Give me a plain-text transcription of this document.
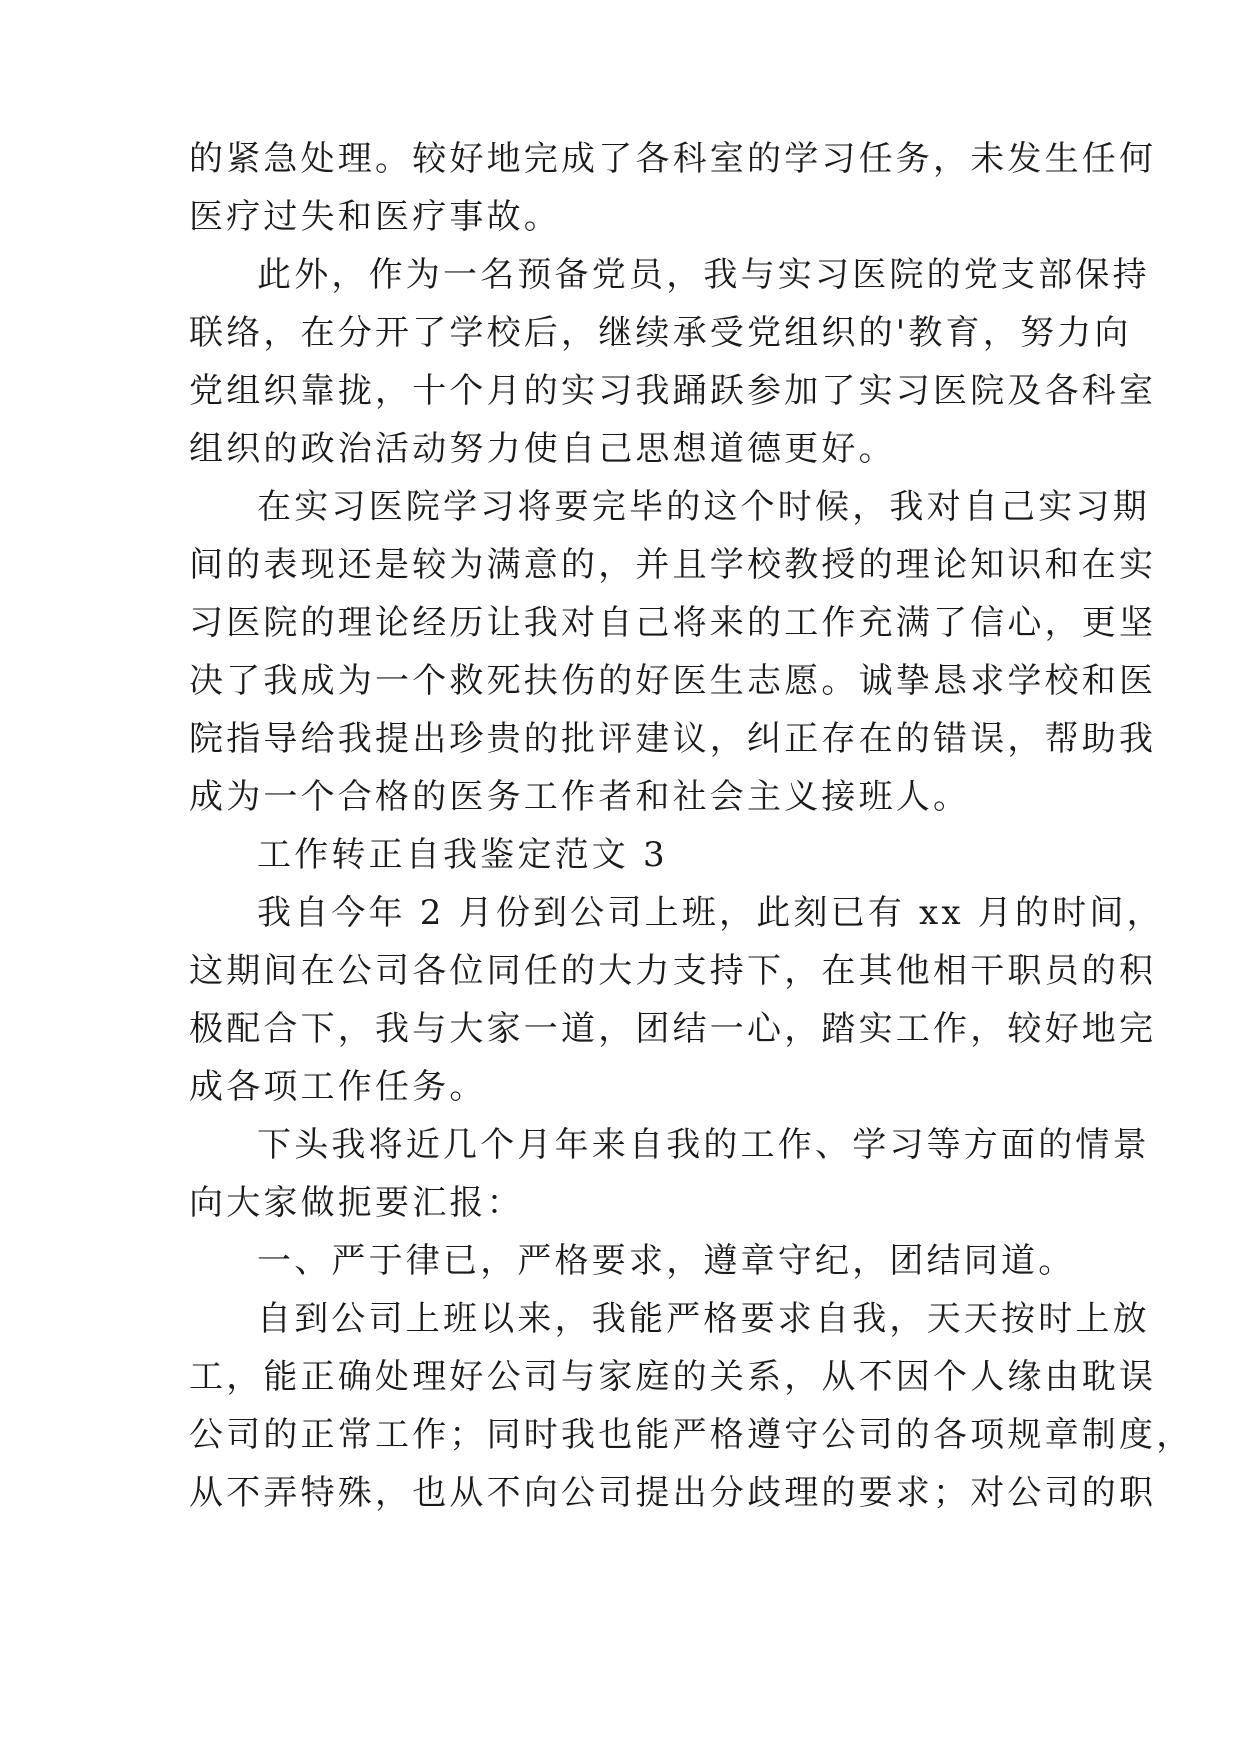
的紧急处理。较好地完成了各科室的学习任务，未发生任何
医疗过失和医疗事故。
此外，作为一名预备党员，我与实习医院的党支部保持
联络，在分开了学校后，继续承受党组织的'教育，努力向
党组织靠拢，十个月的实习我踊跃参加了实习医院及各科室
组织的政治活动努力使自己思想道德更好。
在实习医院学习将要完毕的这个时候，我对自己实习期
间的表现还是较为满意的，并且学校教授的理论知识和在实
习医院的理论经历让我对自己将来的工作充满了信心，更坚
决了我成为一个救死扶伤的好医生志愿。诚挚恳求学校和医
院指导给我提出珍贵的批评建议，纠正存在的错误，帮助我
成为一个合格的医务工作者和社会主义接班人。
工作转正自我鉴定范文 3
我自今年 2 月份到公司上班，此刻已有 xx 月的时间，
这期间在公司各位同任的大力支持下，在其他相干职员的积
极配合下，我与大家一道，团结一心，踏实工作，较好地完
成各项工作任务。
下头我将近几个月年来自我的工作、学习等方面的情景
向大家做扼要汇报：
一、严于律已，严格要求，遵章守纪，团结同道。
自到公司上班以来，我能严格要求自我，天天按时上放
工，能正确处理好公司与家庭的关系，从不因个人缘由耽误
公司的正常工作；同时我也能严格遵守公司的各项规章制度，
从不弄特殊，也从不向公司提出分歧理的要求；对公司的职
